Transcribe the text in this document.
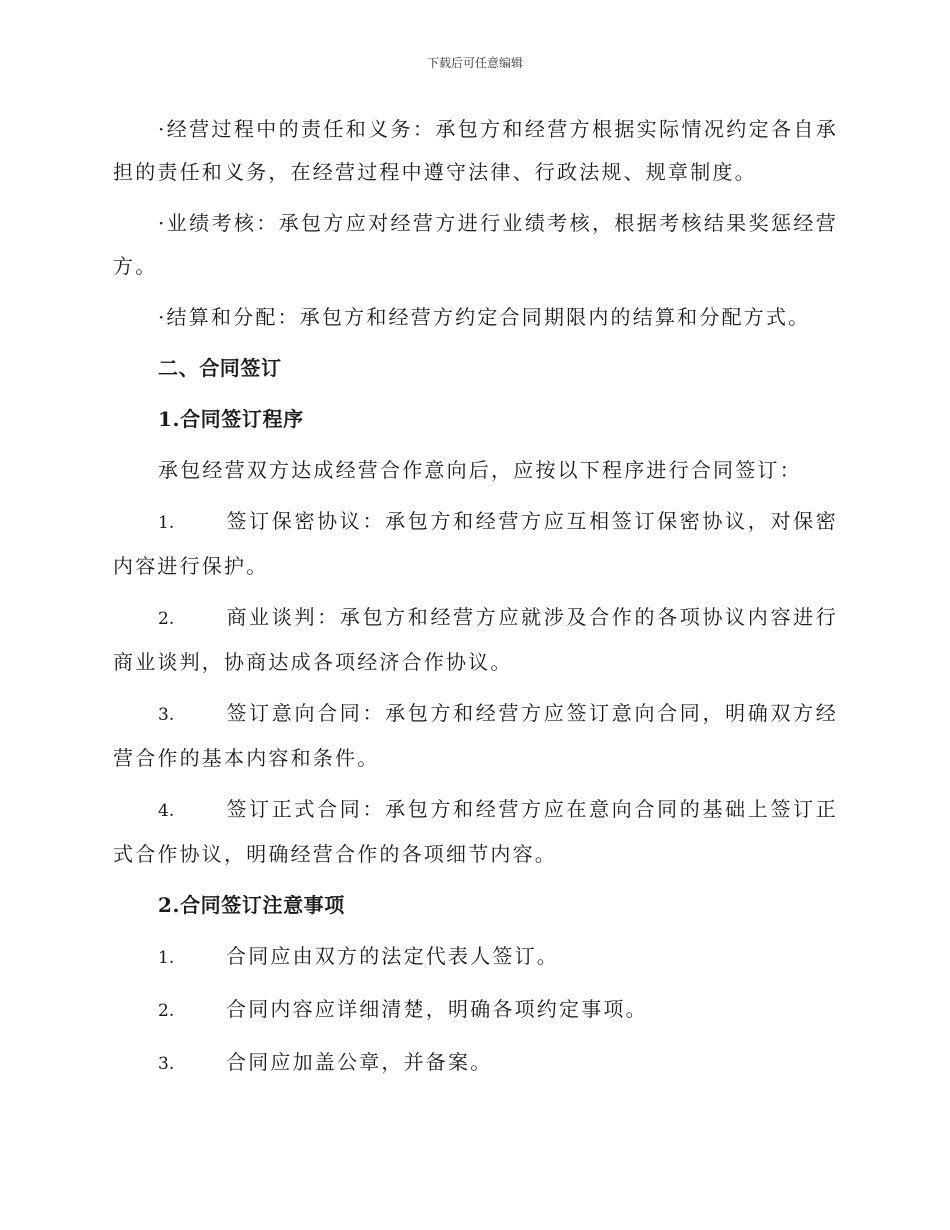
下载后可任意编辑

·经营过程中的责任和义务：承包方和经营方根据实际情况约定各自承担的责任和义务，在经营过程中遵守法律、行政法规、规章制度。

·业绩考核：承包方应对经营方进行业绩考核，根据考核结果奖惩经营方。

·结算和分配：承包方和经营方约定合同期限内的结算和分配方式。

二、合同签订
1.合同签订程序

承包经营双方达成经营合作意向后，应按以下程序进行合同签订：

1.	签订保密协议：承包方和经营方应互相签订保密协议，对保密内容进行保护。

2.	商业谈判：承包方和经营方应就涉及合作的各项协议内容进行商业谈判，协商达成各项经济合作协议。

3.	签订意向合同：承包方和经营方应签订意向合同，明确双方经营合作的基本内容和条件。

4.	签订正式合同：承包方和经营方应在意向合同的基础上签订正式合作协议，明确经营合作的各项细节内容。

2.合同签订注意事项

1.	合同应由双方的法定代表人签订。

2.	合同内容应详细清楚，明确各项约定事项。

3.	合同应加盖公章，并备案。
